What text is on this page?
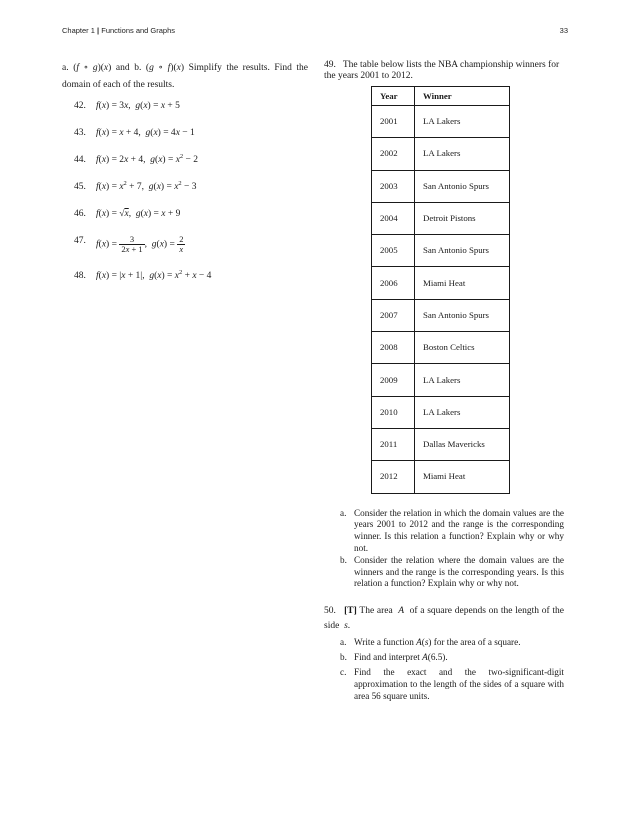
Chapter 1 | Functions and Graphs	33

a. (f ∘ g)(x) and b. (g ∘ f)(x) Simplify the results. Find the domain of each of the results.

42. f(x) = 3x,  g(x) = x + 5
43. f(x) = x + 4,  g(x) = 4x − 1
44. f(x) = 2x + 4,  $g(x) = x^2 - 2$
45. $f(x) = x^2 + 7$,  $g(x) = x^2 - 3$
46. f(x) = √x,  g(x) = x + 9
47. $f(x) = \frac{3}{2x + 1}$ ,  $g(x) = \frac{2}{x}$
48. f(x) = |x + 1|,  $g(x) = x^2 + x - 4$

49. The table below lists the NBA championship winners for the years 2001 to 2012.

Year	Winner
2001	LA Lakers
2002	LA Lakers
2003	San Antonio Spurs
2004	Detroit Pistons
2005	San Antonio Spurs
2006	Miami Heat
2007	San Antonio Spurs
2008	Boston Celtics
2009	LA Lakers
2010	LA Lakers
2011	Dallas Mavericks
2012	Miami Heat

a. Consider the relation in which the domain values are the years 2001 to 2012 and the range is the corresponding winner. Is this relation a function? Explain why or why not.

b. Consider the relation where the domain values are the winners and the range is the corresponding years. Is this relation a function? Explain why or why not.

50. [T] The area A of a square depends on the length of the side s.

a. Write a function A(s) for the area of a square.

b. Find and interpret A(6.5).

c. Find the exact and the two-significant-digit approximation to the length of the sides of a square with area 56 square units.
